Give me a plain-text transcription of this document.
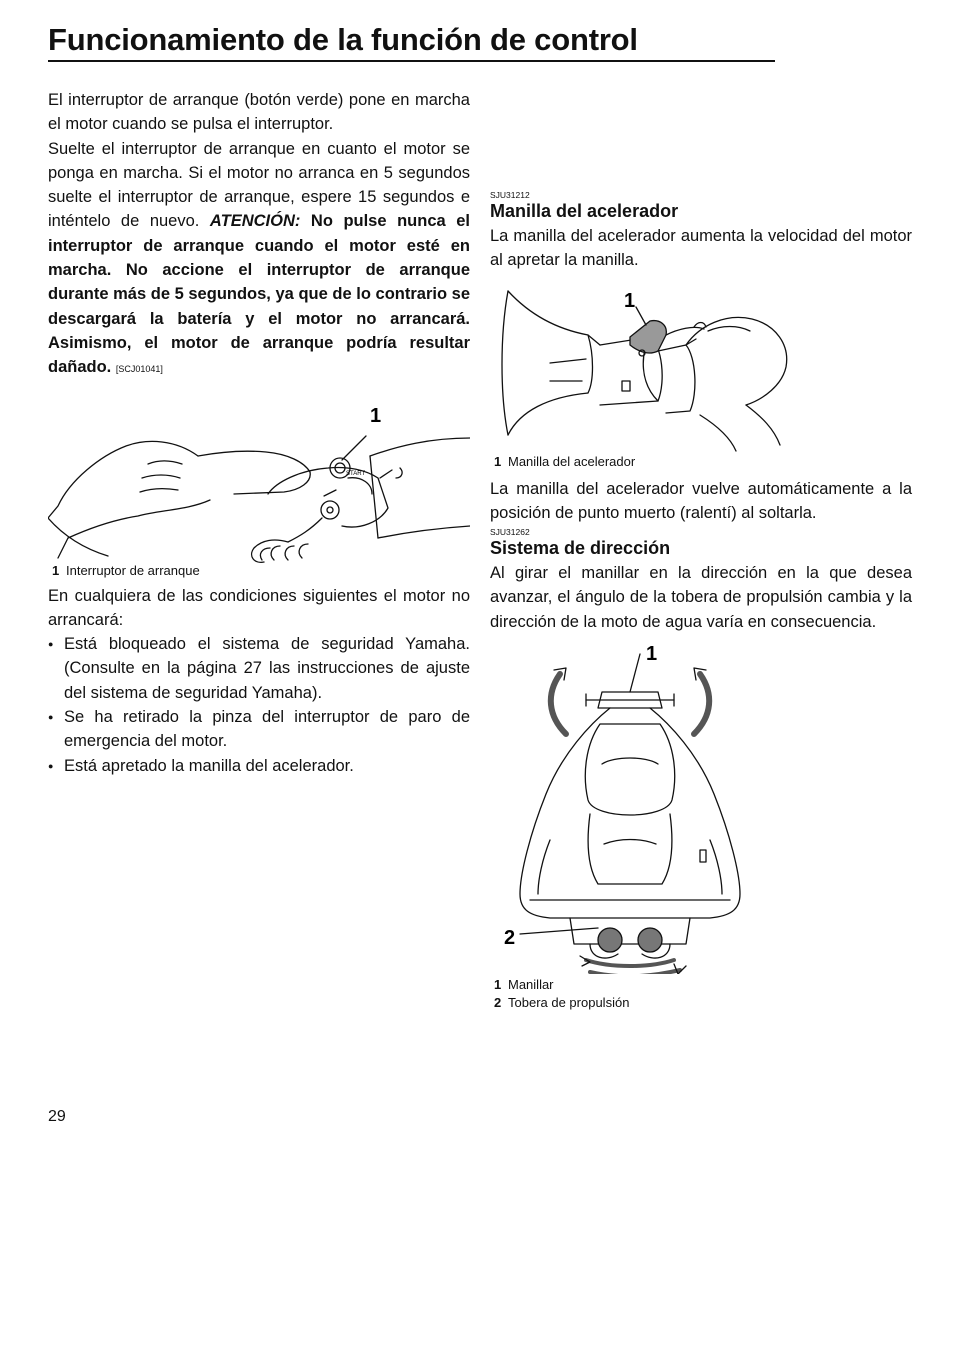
Funcionamiento de la función de control
29

El interruptor de arranque (botón verde) pone en marcha el motor cuando se pulsa el interruptor.

Suelte el interruptor de arranque en cuanto el motor se ponga en marcha. Si el motor no arranca en 5 segundos suelte el interruptor de arranque, espere 15 segundos e inténtelo de nuevo. ATENCIÓN: No pulse nunca el interruptor de arranque cuando el motor esté en marcha. No accione el interruptor de arranque durante más de 5 segundos, ya que de lo contrario se descargará la batería y el motor no arrancará. Asimismo, el motor de arranque podría resultar dañado. [SCJ01041]

START
1
1 Interruptor de arranque

En cualquiera de las condiciones siguientes el motor no arrancará:

● Está bloqueado el sistema de seguridad Yamaha. (Consulte en la página 27 las instrucciones de ajuste del sistema de seguridad Yamaha).
● Se ha retirado la pinza del interruptor de paro de emergencia del motor.
● Está apretado la manilla del acelerador.
SJU31212
Manilla del acelerador

La manilla del acelerador aumenta la velocidad del motor al apretar la manilla.

1
1 Manilla del acelerador

La manilla del acelerador vuelve automáticamente a la posición de punto muerto (ralentí) al soltarla.

SJU31262
Sistema de dirección

Al girar el manillar en la dirección en la que desea avanzar, el ángulo de la tobera de propulsión cambia y la dirección de la moto de agua varía en consecuencia.

1
2
1 Manillar
2 Tobera de propulsión
